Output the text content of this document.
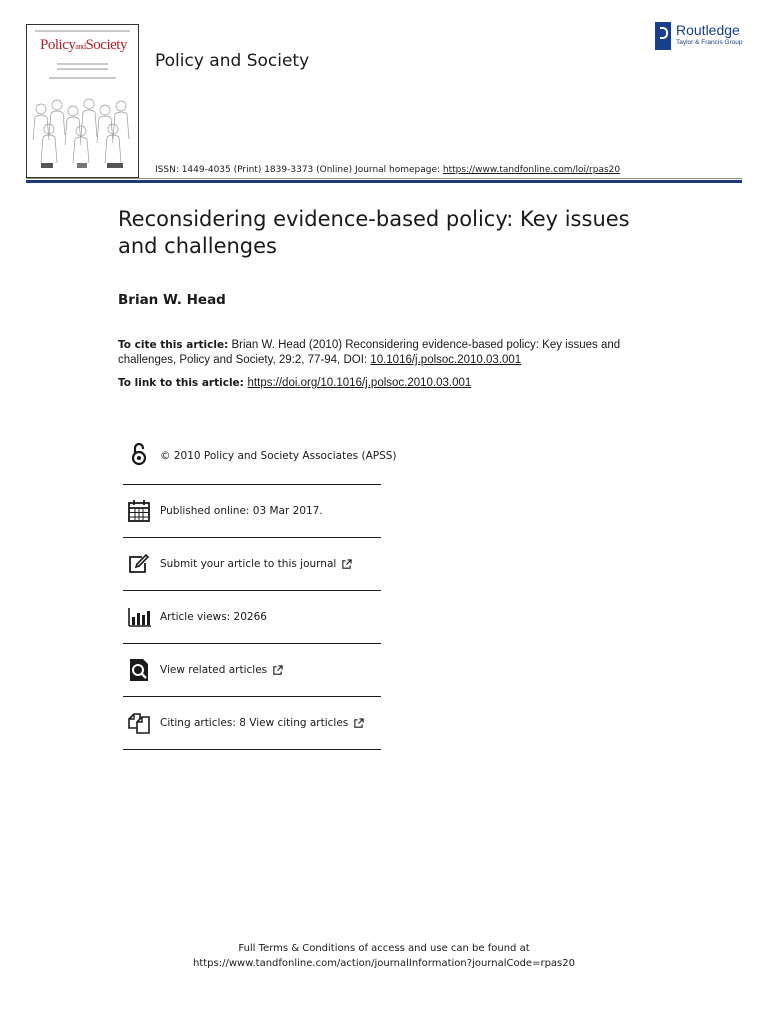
PolicyandSociety
Policy and Society
Routledge
Taylor & Francis Group
ISSN: 1449-4035 (Print) 1839-3373 (Online) Journal homepage: https://www.tandfonline.com/loi/rpas20
Reconsidering evidence-based policy: Key issues and challenges
Brian W. Head
To cite this article: Brian W. Head (2010) Reconsidering evidence-based policy: Key issues and challenges, Policy and Society, 29:2, 77-94, DOI: 10.1016/j.polsoc.2010.03.001
To link to this article: https://doi.org/10.1016/j.polsoc.2010.03.001
© 2010 Policy and Society Associates (APSS)
Published online: 03 Mar 2017.
Submit your article to this journal
Article views: 20266
View related articles
Citing articles: 8 View citing articles
Full Terms & Conditions of access and use can be found at
https://www.tandfonline.com/action/journalInformation?journalCode=rpas20
